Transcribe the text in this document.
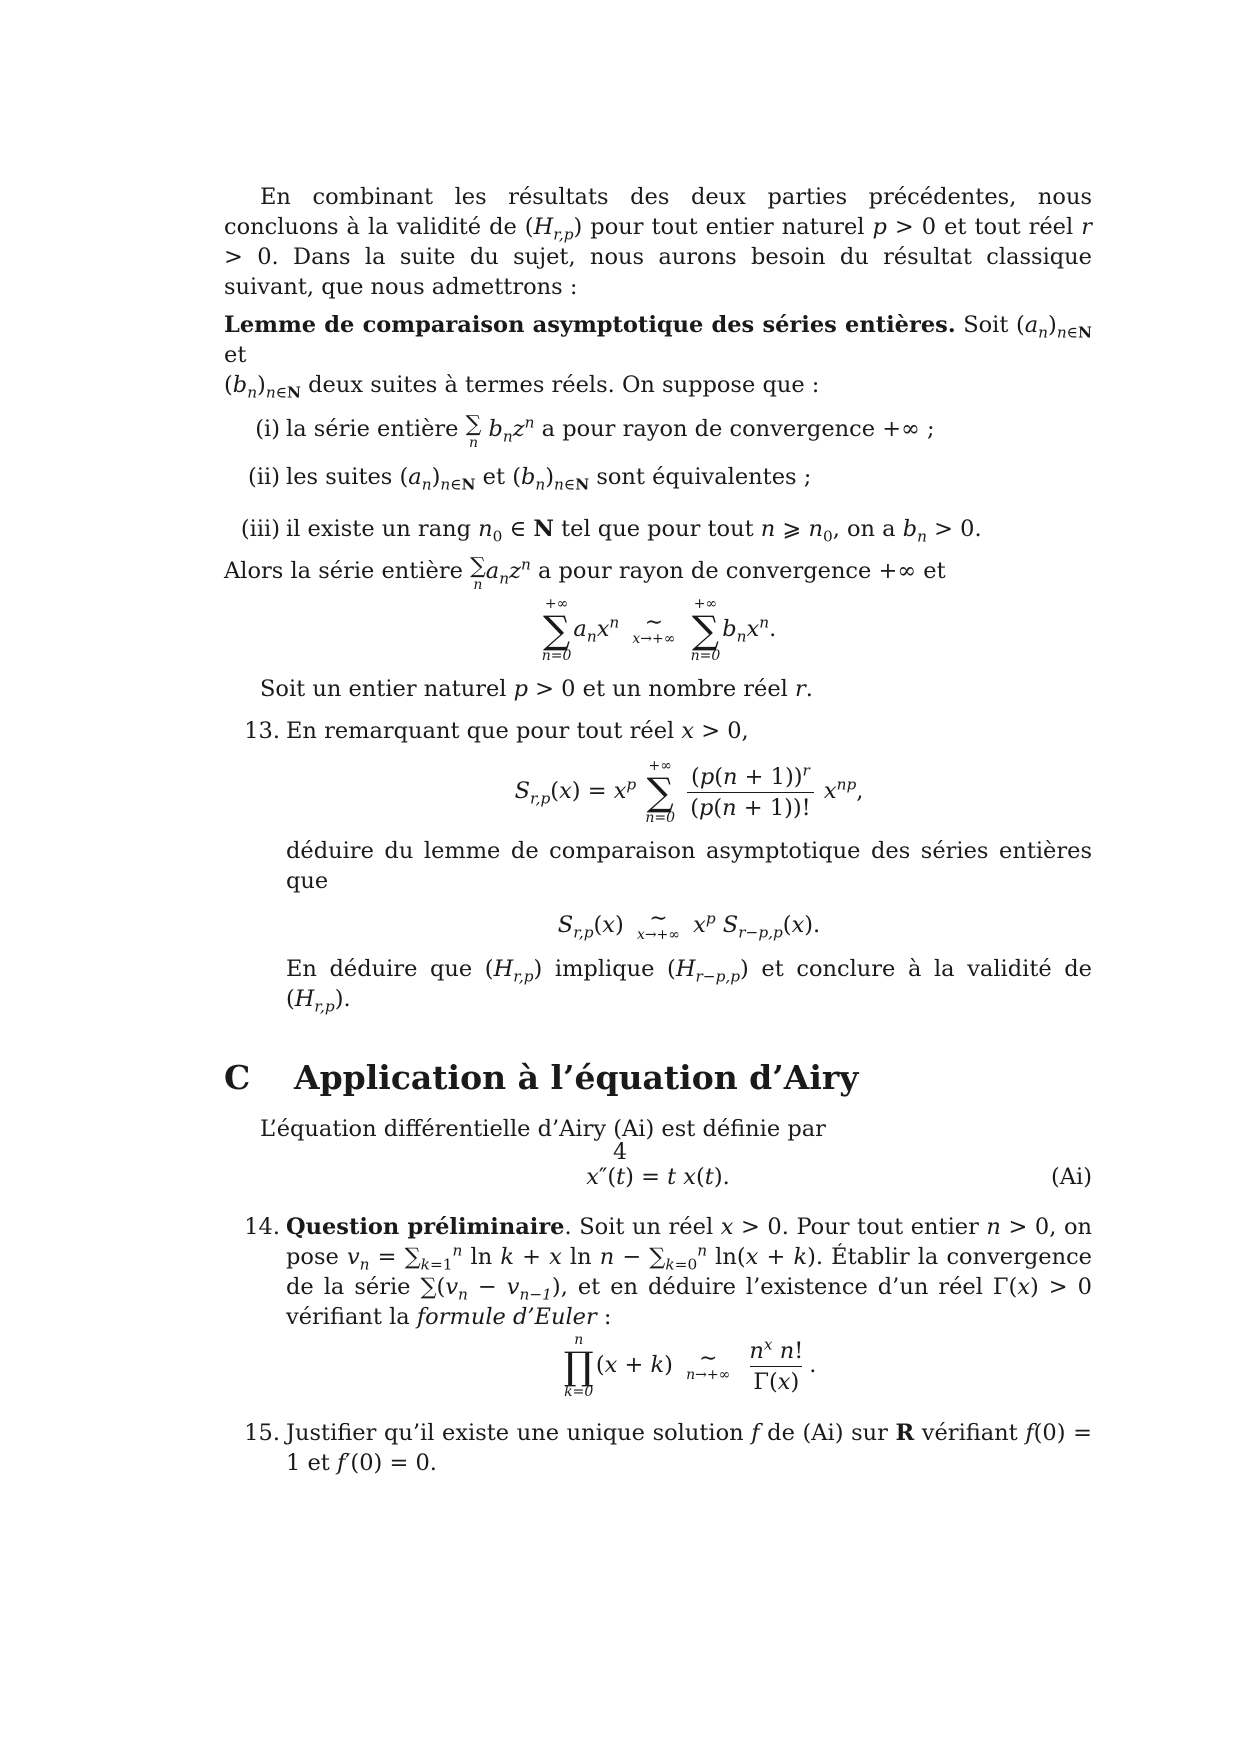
En combinant les résultats des deux parties précédentes, nous concluons à la validité de $(H_{r,p})$ pour tout entier naturel p > 0 et tout réel r > 0. Dans la suite du sujet, nous aurons besoin du résultat classique suivant, que nous admettrons :

Lemme de comparaison asymptotique des séries entières. Soit $(a_n)_{n\in N}$ et
$(b_n)_{n\in N}$ deux suites à termes réels. On suppose que :

(i) la série entière ∑
n
$b_nz^n$ a pour rayon de convergence +∞ ;
(ii) les suites $(a_n)_{n\in N}$ et $(b_n)_{n\in N}$ sont équivalentes ;
(iii) il existe un rang $n_0$ ∈ N tel que pour tout n ⩾ $n_0$, on a $b_n > 0$.

Alors la série entière ∑
n
$a_nz^n$ a pour rayon de convergence +∞ et

+∞
∑
n=0
$a_nx^n$ ∼
x→+∞

+∞
∑
n=0
$b_nx^n$.

Soit un entier naturel p > 0 et un nombre réel r.

13. En remarquant que pour tout réel x > 0,
$S_{r,p}(x) = x^p$
+∞
∑
n=0
$\frac{(p(n + 1))^r}{(p(n + 1))!} x^{np}$,

déduire du lemme de comparaison asymptotique des séries entières que

$S_{r,p}(x)$ ∼
x→+∞ $x^p$ $S_{r-p,p}(x)$.

En déduire que $(H_{r,p})$ implique $(H_{r-p,p})$ et conclure à la validité de $(H_{r,p})$.

C Application à l’équation d’Airy

L’équation différentielle d’Airy (Ai) est définie par

x″(t) = t x(t).	(Ai)
14. Question préliminaire. Soit un réel x > 0. Pour tout entier n > 0, on pose $v_n = \sum_{k=1}^n$ ln k + x $\ln n - \sum_{k=0}^n$ ln(x + k). Établir la convergence de la série $\sum(v_n - v_{n-1})$, et en déduire l’existence d’un réel Γ(x) > 0 vérifiant la formule d’Euler :
n
∏
k=0
(x + k) ∼
n→+∞
$\frac{n^x n!}{\Gamma(x)}$ .
15. Justifier qu’il existe une unique solution f de (Ai) sur R vérifiant f(0) = 1 et f′(0) = 0.
4
